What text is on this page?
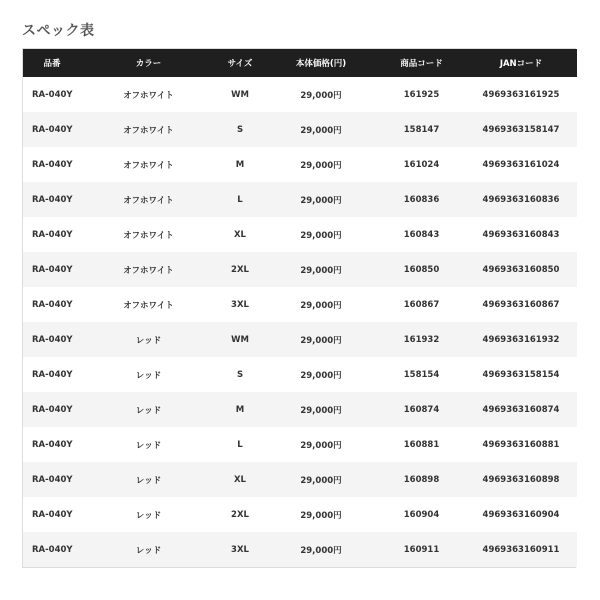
スペック表
品番	カラー	サイズ	本体価格(円)	商品コード	JANコード
RA-040Y	オフホワイト	WM	29,000円	161925	4969363161925
RA-040Y	オフホワイト	S	29,000円	158147	4969363158147
RA-040Y	オフホワイト	M	29,000円	161024	4969363161024
RA-040Y	オフホワイト	L	29,000円	160836	4969363160836
RA-040Y	オフホワイト	XL	29,000円	160843	4969363160843
RA-040Y	オフホワイト	2XL	29,000円	160850	4969363160850
RA-040Y	オフホワイト	3XL	29,000円	160867	4969363160867
RA-040Y	レッド	WM	29,000円	161932	4969363161932
RA-040Y	レッド	S	29,000円	158154	4969363158154
RA-040Y	レッド	M	29,000円	160874	4969363160874
RA-040Y	レッド	L	29,000円	160881	4969363160881
RA-040Y	レッド	XL	29,000円	160898	4969363160898
RA-040Y	レッド	2XL	29,000円	160904	4969363160904
RA-040Y	レッド	3XL	29,000円	160911	4969363160911
